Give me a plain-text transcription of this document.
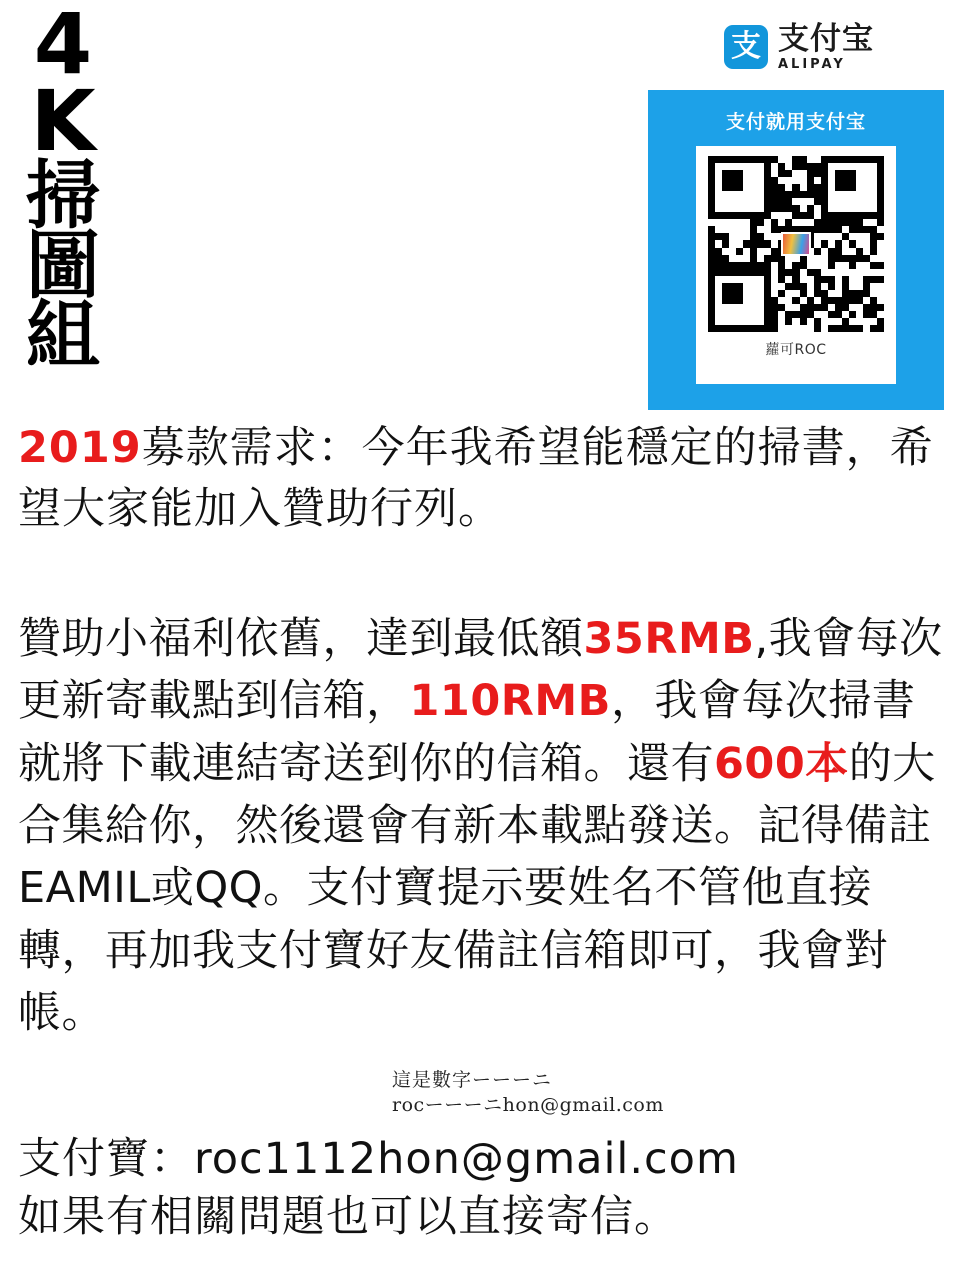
4
K
掃
圖
組
支 支付宝
ALIPAY
支付就用支付宝
蘿可ROC
2019募款需求：今年我希望能穩定的掃書，希望大家能加入贊助行列。
贊助小福利依舊，達到最低額35RMB,我會每次更新寄載點到信箱，110RMB，我會每次掃書就將下載連結寄送到你的信箱。還有600本的大合集給你，然後還會有新本載點發送。記得備註EAMIL或QQ。支付寶提示要姓名不管他直接轉，再加我支付寶好友備註信箱即可，我會對帳。
這是數字ーーーニ
rocーーーニhon@gmail.com
支付寶：roc1112hon@gmail.com
如果有相關問題也可以直接寄信。
